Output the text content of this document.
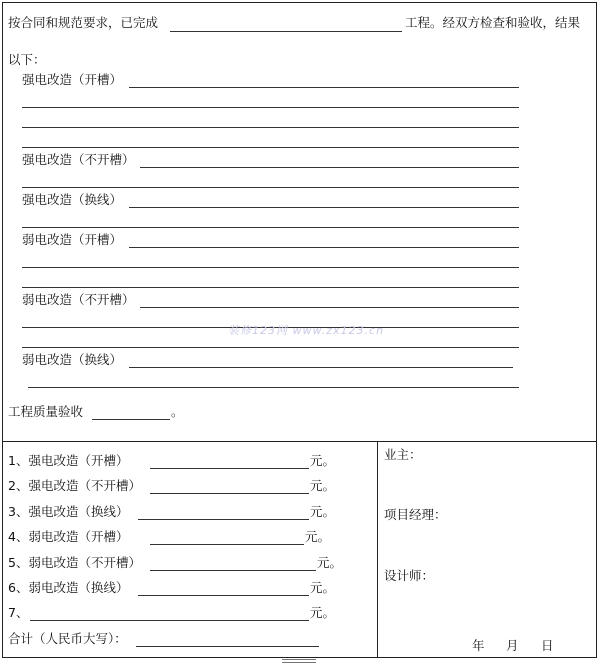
按合同和规范要求，已完成	工程。经双方检查和验收，结果
以下：
强电改造（开槽）
强电改造（不开槽）
强电改造（换线）
弱电改造（开槽）
弱电改造（不开槽）
弱电改造（换线）
工程质量验收	。
1、强电改造（开槽）	元。
2、强电改造（不开槽）	元。
3、强电改造（换线）	元。
4、弱电改造（开槽）	元。
5、弱电改造（不开槽）	元。
6、弱电改造（换线）	元。
7、	元。
合计（人民币大写）：
业主：
项目经理：
设计师：
年 月 日
装修123网 www.zx123.cn
